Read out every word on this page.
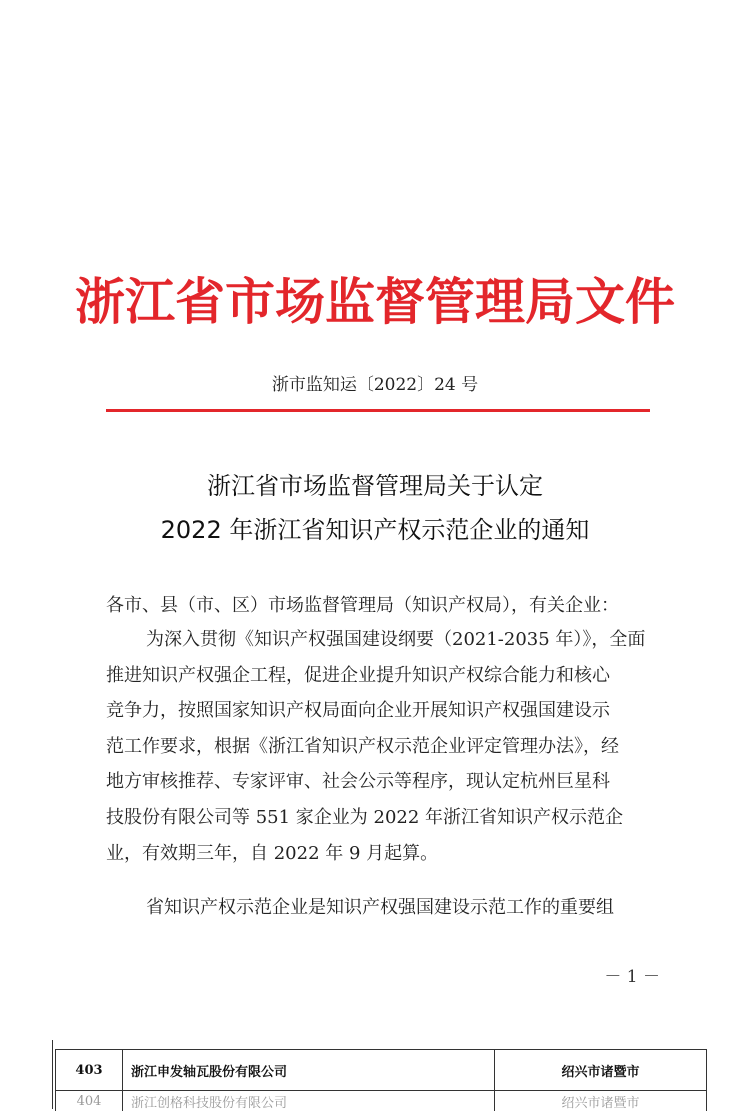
浙江省市场监督管理局文件
浙市监知运〔2022〕24 号
浙江省市场监督管理局关于认定
2022 年浙江省知识产权示范企业的通知
各市、县（市、区）市场监督管理局（知识产权局），有关企业：
为深入贯彻《知识产权强国建设纲要（2021-2035 年）》，全面
推进知识产权强企工程，促进企业提升知识产权综合能力和核心
竞争力，按照国家知识产权局面向企业开展知识产权强国建设示
范工作要求，根据《浙江省知识产权示范企业评定管理办法》，经
地方审核推荐、专家评审、社会公示等程序，现认定杭州巨星科
技股份有限公司等 551 家企业为 2022 年浙江省知识产权示范企
业，有效期三年，自 2022 年 9 月起算。
省知识产权示范企业是知识产权强国建设示范工作的重要组
－ 1 －
403	浙江申发轴瓦股份有限公司	绍兴市诸暨市
404	浙江创格科技股份有限公司	绍兴市诸暨市
